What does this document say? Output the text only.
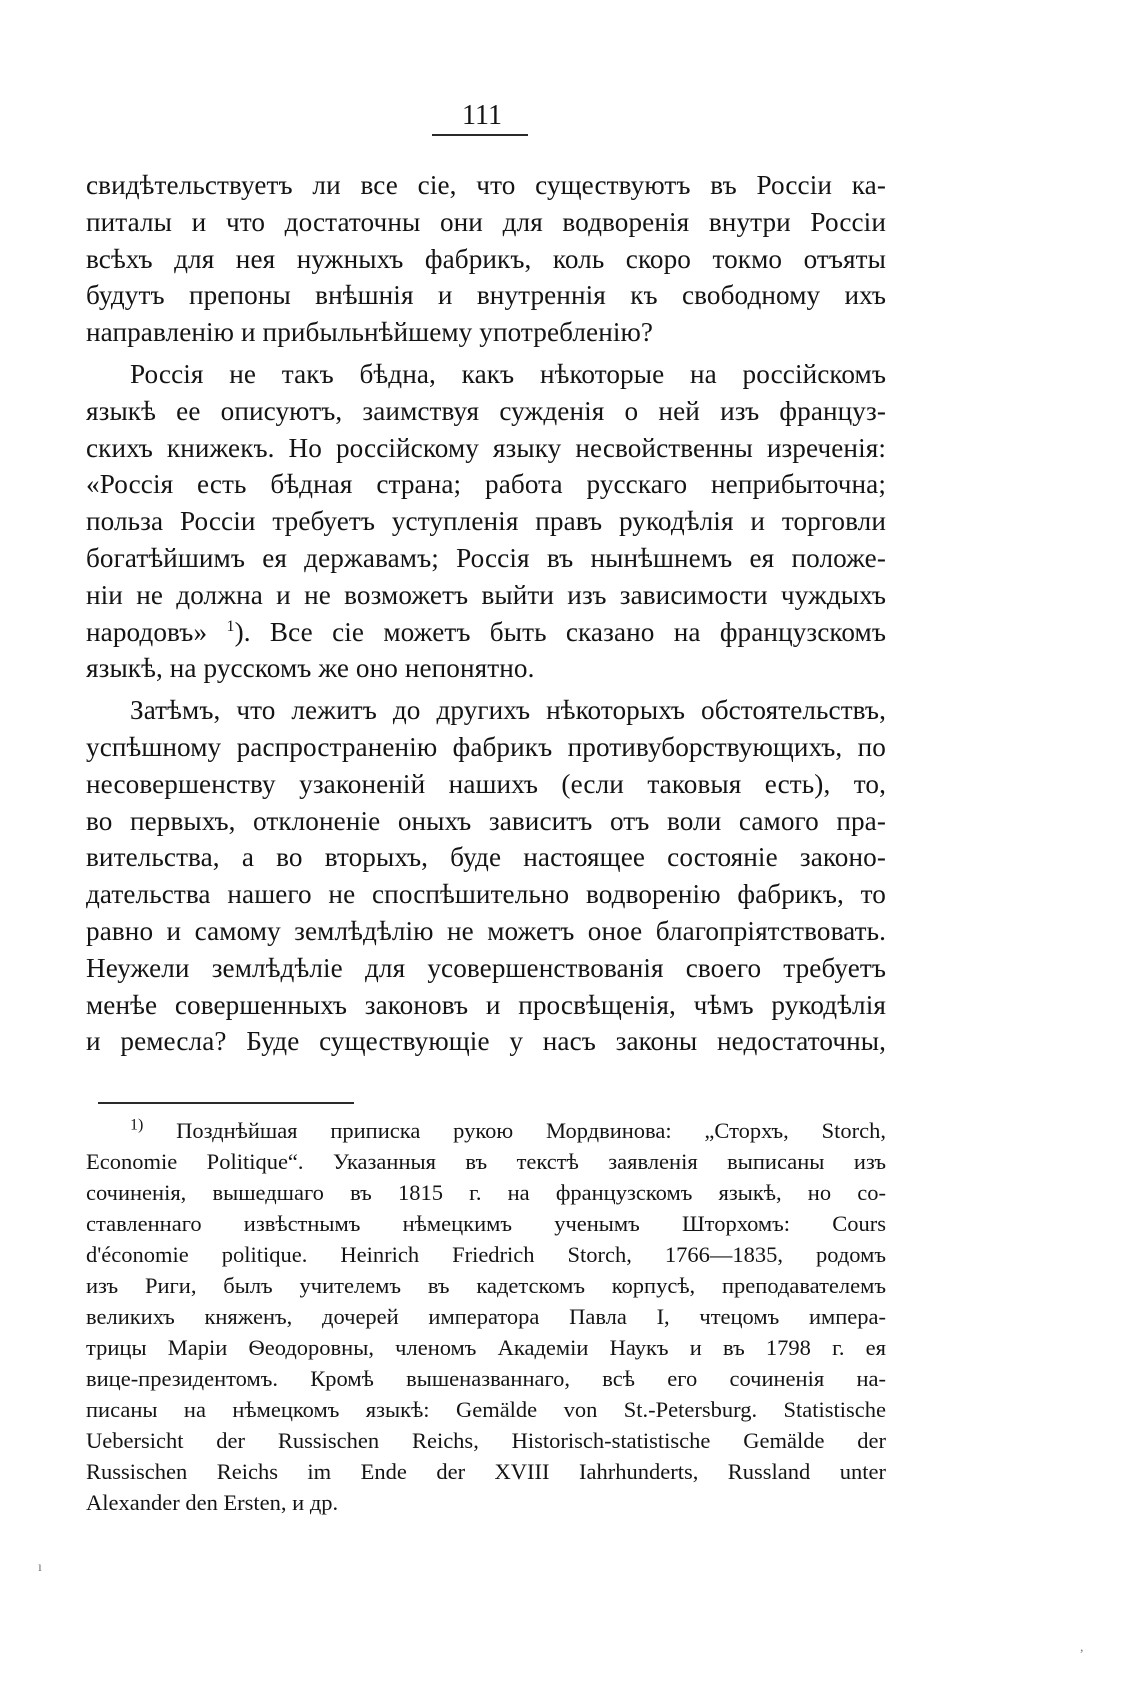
111
свидѣтельствуетъ ли все сіе, что существуютъ въ Россіи ка-
питалы и что достаточны они для водворенія внутри Россіи
всѣхъ для нея нужныхъ фабрикъ, коль скоро токмо отъяты
будутъ препоны внѣшнія и внутреннія къ свободному ихъ
направленію и прибыльнѣйшему употребленію?
Россія не такъ бѣдна, какъ нѣкоторые на россійскомъ
языкѣ ее описуютъ, заимствуя сужденія о ней изъ француз-
скихъ книжекъ. Но россійскому языку несвойственны изреченія:
«Россія есть бѣдная страна; работа русскаго неприбыточна;
польза Россіи требуетъ уступленія правъ рукодѣлія и торговли
богатѣйшимъ ея державамъ; Россія въ нынѣшнемъ ея положе-
ніи не должна и не возможетъ выйти изъ зависимости чуждыхъ
народовъ» $^1$). Все сіе можетъ быть сказано на французскомъ
языкѣ, на русскомъ же оно непонятно.
Затѣмъ, что лежитъ до другихъ нѣкоторыхъ обстоятельствъ,
успѣшному распространенію фабрикъ противуборствующихъ, по
несовершенству узаконеній нашихъ (если таковыя есть), то,
во первыхъ, отклоненіе оныхъ зависитъ отъ воли самого пра-
вительства, а во вторыхъ, буде настоящее состояніе законо-
дательства нашего не споспѣшительно водворенію фабрикъ, то
равно и самому землѣдѣлію не можетъ оное благопріятствовать.
Неужели землѣдѣліе для усовершенствованія своего требуетъ
менѣе совершенныхъ законовъ и просвѣщенія, чѣмъ рукодѣлія
и ремесла? Буде существующіе у насъ законы недостаточны,
$^{1)}$ Позднѣйшая приписка рукою Мордвинова: „Сторхъ, Storch,
Economie Politique“. Указанныя въ текстѣ заявленія выписаны изъ
сочиненія, вышедшаго въ 1815 г. на французскомъ языкѣ, но со-
ставленнаго извѣстнымъ нѣмецкимъ ученымъ Шторхомъ: Cours
d'économie politique. Heinrich Friedrich Storch, 1766—1835, родомъ
изъ Риги, былъ учителемъ въ кадетскомъ корпусѣ, преподавателемъ
великихъ княженъ, дочерей императора Павла I, чтецомъ импера-
трицы Маріи Ѳеодоровны, членомъ Академіи Наукъ и въ 1798 г. ея
вице-президентомъ. Кромѣ вышеназваннаго, всѣ его сочиненія на-
писаны на нѣмецкомъ языкѣ: Gemälde von St.-Petersburg. Statistische
Uebersicht der Russischen Reichs, Historisch-statistische Gemälde der
Russischen Reichs im Ende der XVIII Iahrhunderts, Russland unter
Alexander den Ersten, и др.
ı
,
